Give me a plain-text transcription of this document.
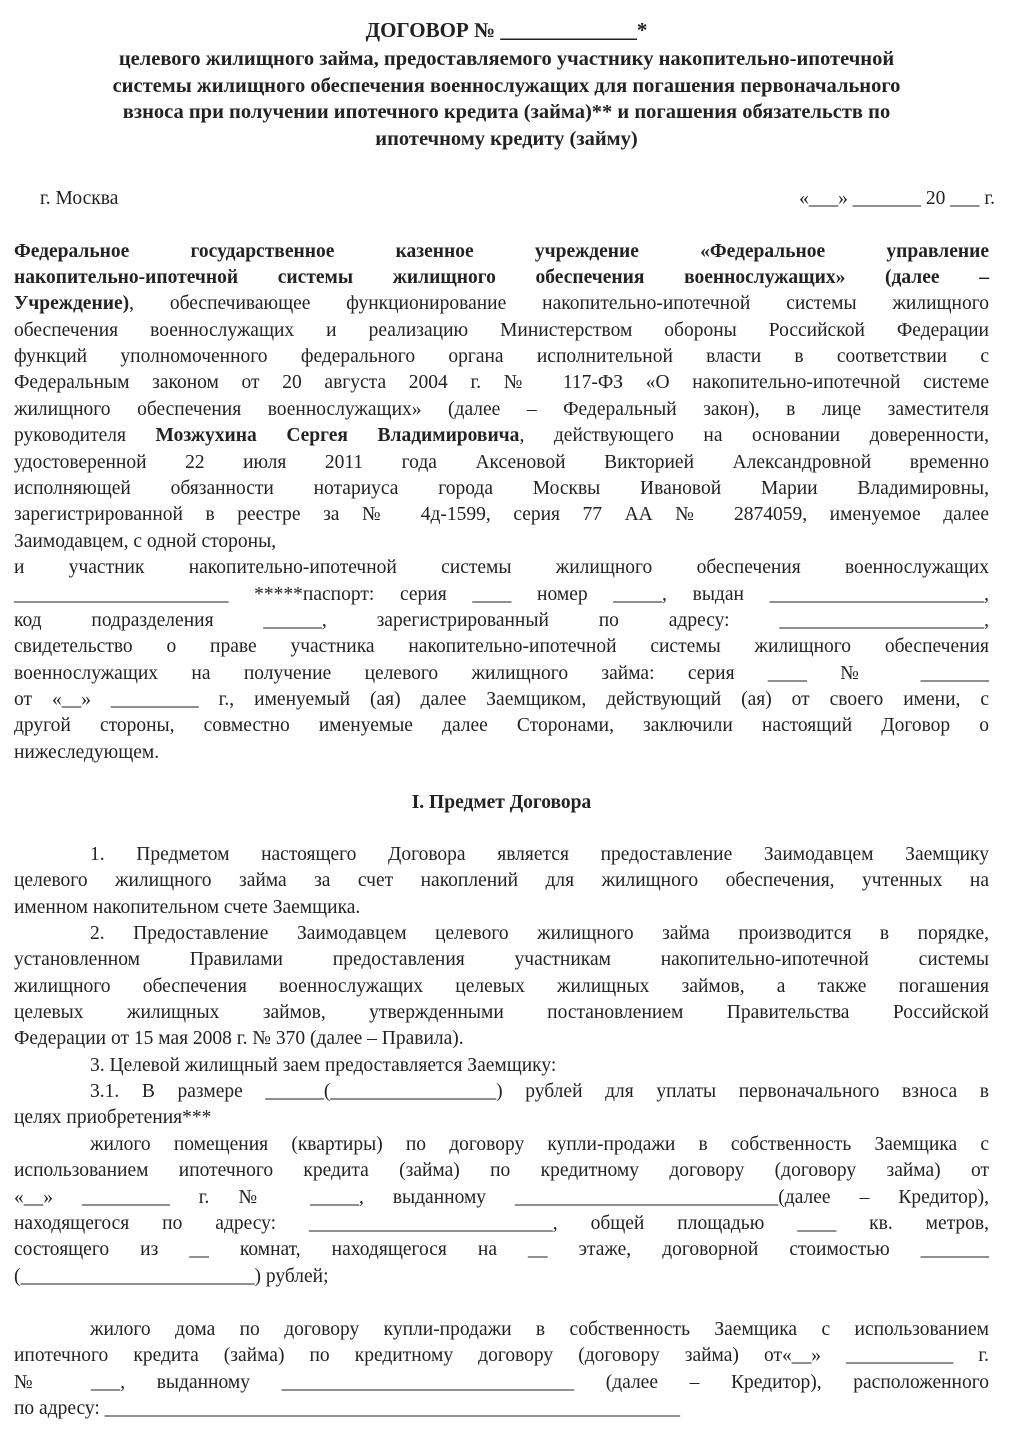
ДОГОВОР № _____________*
целевого жилищного займа, предоставляемого участнику накопительно-ипотечной
системы жилищного обеспечения военнослужащих для погашения первоначального
взноса при получении ипотечного кредита (займа)** и погашения обязательств по
ипотечному кредиту (займу)
г. Москва	«___» _______ 20 ___ г.
Федеральное государственное казенное учреждение «Федеральное управление
накопительно-ипотечной системы жилищного обеспечения военнослужащих» (далее –
Учреждение), обеспечивающее функционирование накопительно-ипотечной системы жилищного
обеспечения военнослужащих и реализацию Министерством обороны Российской Федерации
функций уполномоченного федерального органа исполнительной власти в соответствии с
Федеральным законом от 20 августа 2004 г. № 117-ФЗ «О накопительно-ипотечной системе
жилищного обеспечения военнослужащих» (далее – Федеральный закон), в лице заместителя
руководителя Мозжухина Сергея Владимировича, действующего на основании доверенности,
удостоверенной 22 июля 2011 года Аксеновой Викторией Александровной временно
исполняющей обязанности нотариуса города Москвы Ивановой Марии Владимировны,
зарегистрированной в реестре за № 4д-1599, серия 77 АА № 2874059, именуемое далее
Заимодавцем, с одной стороны,
и участник накопительно-ипотечной системы жилищного обеспечения военнослужащих
______________________ *****паспорт: серия ____ номер _____, выдан ______________________,
код подразделения ______, зарегистрированный по адресу: _____________________,
свидетельство о праве участника накопительно-ипотечной системы жилищного обеспечения
военнослужащих на получение целевого жилищного займа: серия ____ № _______
от «__» _________ г., именуемый (ая) далее Заемщиком, действующий (ая) от своего имени, с
другой стороны, совместно именуемые далее Сторонами, заключили настоящий Договор о
нижеследующем.
I. Предмет Договора
1. Предметом настоящего Договора является предоставление Заимодавцем Заемщику
целевого жилищного займа за счет накоплений для жилищного обеспечения, учтенных на
именном накопительном счете Заемщика.
2. Предоставление Заимодавцем целевого жилищного займа производится в порядке,
установленном Правилами предоставления участникам накопительно-ипотечной системы
жилищного обеспечения военнослужащих целевых жилищных займов, а также погашения
целевых жилищных займов, утвержденными постановлением Правительства Российской
Федерации от 15 мая 2008 г. № 370 (далее – Правила).
3. Целевой жилищный заем предоставляется Заемщику:
3.1. В размере ______(_________________) рублей для уплаты первоначального взноса в
целях приобретения***
жилого помещения (квартиры) по договору купли-продажи в собственность Заемщика с
использованием ипотечного кредита (займа) по кредитному договору (договору займа) от
«__» _________ г. № _____, выданному ___________________________(далее – Кредитор),
находящегося по адресу: _________________________, общей площадью ____ кв. метров,
состоящего из __ комнат, находящегося на __ этаже, договорной стоимостью _______
(________________________) рублей;
жилого дома по договору купли-продажи в собственность Заемщика с использованием
ипотечного кредита (займа) по кредитному договору (договору займа) от«__» ___________ г.
№ ___, выданному ______________________________ (далее – Кредитор), расположенного
по адресу: ___________________________________________________________
